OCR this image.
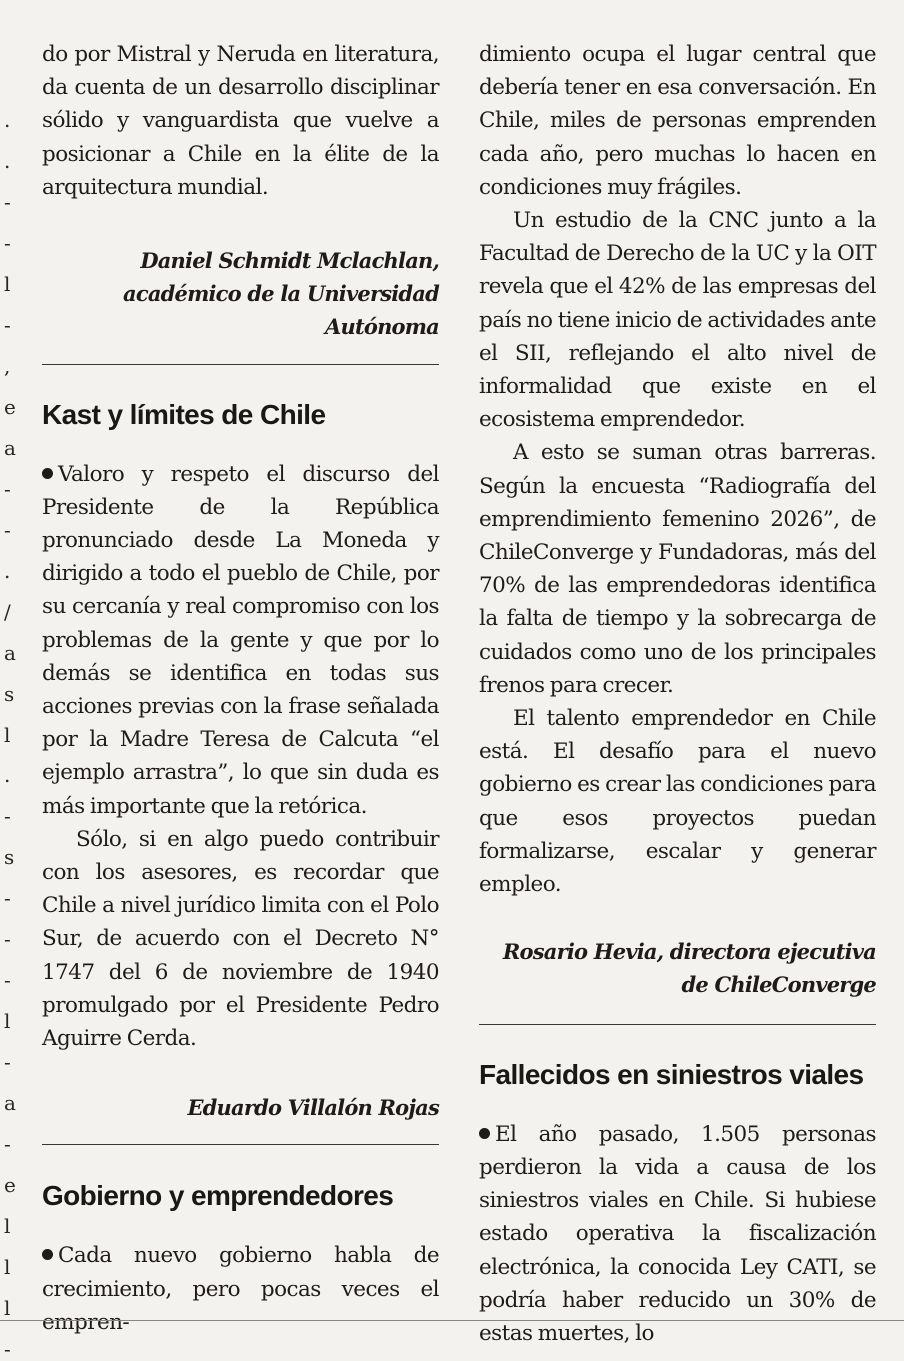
.
.
-
-
l
-
,
e
a
-
-
.
/
a
s
l
.
-
s
-
-
-
l
-
a
-
e
l
l
l
-

do por Mistral y Neruda en literatura, da cuenta de un desarrollo disciplinar sólido y vanguardista que vuelve a posicionar a Chile en la élite de la arquitectura mundial.

Daniel Schmidt Mclachlan, académico de la Universidad Autónoma

Kast y límites de Chile

Valoro y respeto el discurso del Presidente de la República pronunciado desde La Moneda y dirigido a todo el pueblo de Chile, por su cercanía y real compromiso con los problemas de la gente y que por lo demás se identifica en todas sus acciones previas con la frase señalada por la Madre Teresa de Calcuta “el ejemplo arrastra”, lo que sin duda es más importante que la retórica.

Sólo, si en algo puedo contribuir con los asesores, es recordar que Chile a nivel jurídico limita con el Polo Sur, de acuerdo con el Decreto N° 1747 del 6 de noviembre de 1940 promulgado por el Presidente Pedro Aguirre Cerda.

Eduardo Villalón Rojas

Gobierno y emprendedores

Cada nuevo gobierno habla de crecimiento, pero pocas veces el empren-

dimiento ocupa el lugar central que debería tener en esa conversación. En Chile, miles de personas emprenden cada año, pero muchas lo hacen en condiciones muy frágiles.

Un estudio de la CNC junto a la Facultad de Derecho de la UC y la OIT revela que el 42% de las empresas del país no tiene inicio de actividades ante el SII, reflejando el alto nivel de informalidad que existe en el ecosistema emprendedor.

A esto se suman otras barreras. Según la encuesta “Radiografía del emprendimiento femenino 2026”, de ChileConverge y Fundadoras, más del 70% de las emprendedoras identifica la falta de tiempo y la sobrecarga de cuidados como uno de los principales frenos para crecer.

El talento emprendedor en Chile está. El desafío para el nuevo gobierno es crear las condiciones para que esos proyectos puedan formalizarse, escalar y generar empleo.

Rosario Hevia, directora ejecutiva de ChileConverge

Fallecidos en siniestros viales

El año pasado, 1.505 personas perdieron la vida a causa de los siniestros viales en Chile. Si hubiese estado operativa la fiscalización electrónica, la conocida Ley CATI, se podría haber reducido un 30% de estas muertes, lo
